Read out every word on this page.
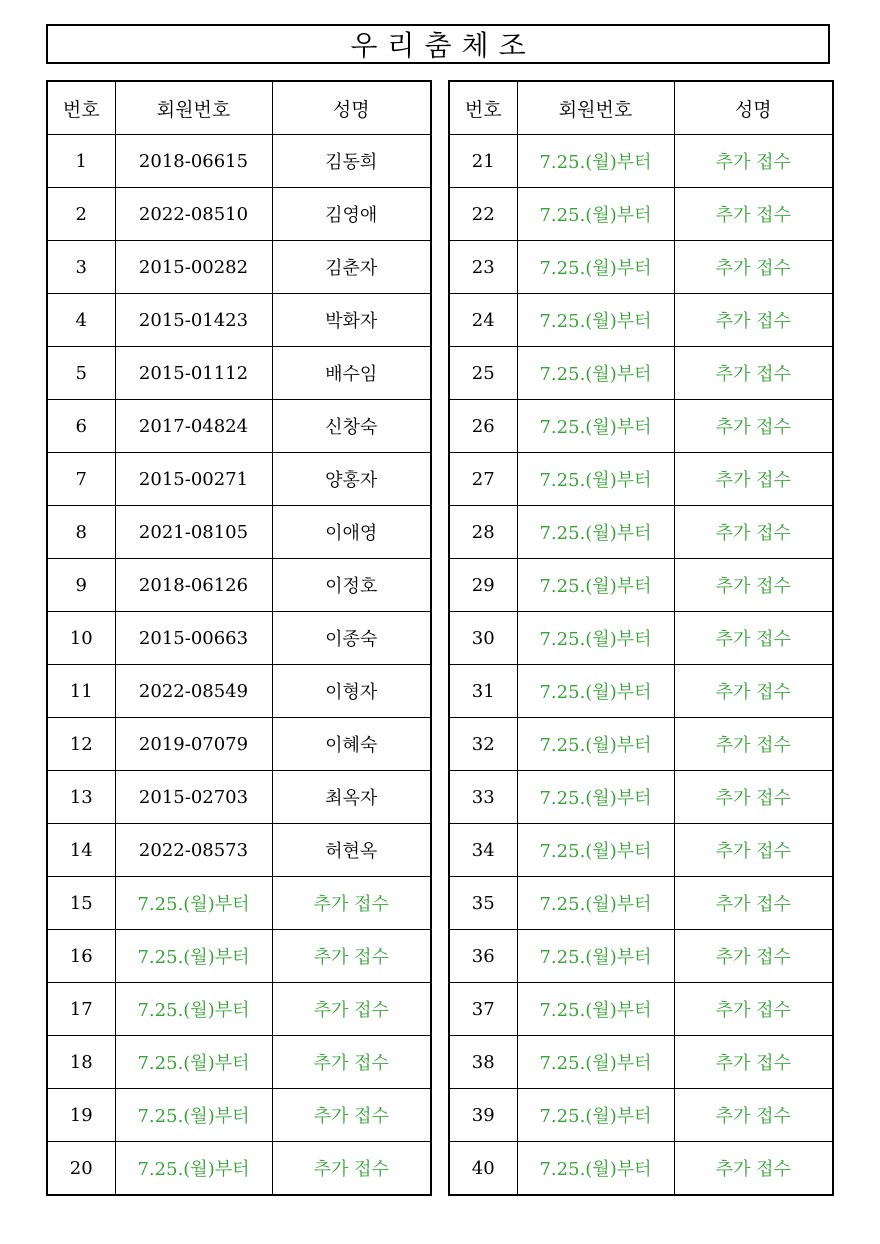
우리춤체조
번호	회원번호	성명
1	2018-06615	김동희
2	2022-08510	김영애
3	2015-00282	김춘자
4	2015-01423	박화자
5	2015-01112	배수임
6	2017-04824	신창숙
7	2015-00271	양홍자
8	2021-08105	이애영
9	2018-06126	이정호
10	2015-00663	이종숙
11	2022-08549	이형자
12	2019-07079	이혜숙
13	2015-02703	최옥자
14	2022-08573	허현옥
15	7.25.(월)부터	추가 접수
16	7.25.(월)부터	추가 접수
17	7.25.(월)부터	추가 접수
18	7.25.(월)부터	추가 접수
19	7.25.(월)부터	추가 접수
20	7.25.(월)부터	추가 접수
번호	회원번호	성명
21	7.25.(월)부터	추가 접수
22	7.25.(월)부터	추가 접수
23	7.25.(월)부터	추가 접수
24	7.25.(월)부터	추가 접수
25	7.25.(월)부터	추가 접수
26	7.25.(월)부터	추가 접수
27	7.25.(월)부터	추가 접수
28	7.25.(월)부터	추가 접수
29	7.25.(월)부터	추가 접수
30	7.25.(월)부터	추가 접수
31	7.25.(월)부터	추가 접수
32	7.25.(월)부터	추가 접수
33	7.25.(월)부터	추가 접수
34	7.25.(월)부터	추가 접수
35	7.25.(월)부터	추가 접수
36	7.25.(월)부터	추가 접수
37	7.25.(월)부터	추가 접수
38	7.25.(월)부터	추가 접수
39	7.25.(월)부터	추가 접수
40	7.25.(월)부터	추가 접수
